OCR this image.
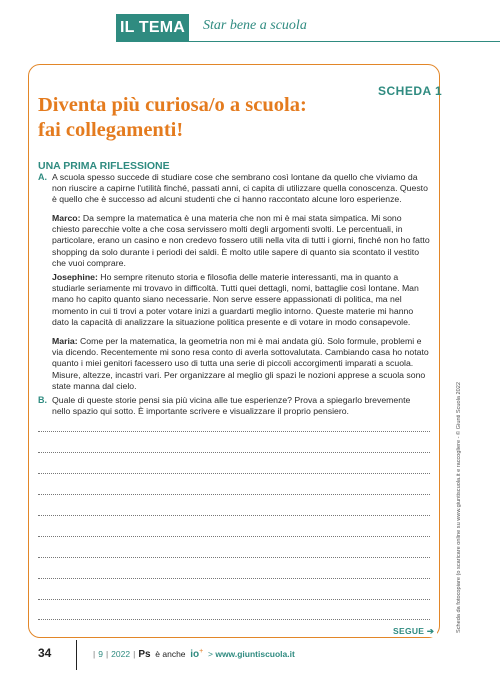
IL TEMA Star bene a scuola
SCHEDA 1
Diventa più curiosa/o a scuola:
fai collegamenti!
UNA PRIMA RIFLESSIONE
A. A scuola spesso succede di studiare cose che sembrano così lontane da quello che viviamo da non riuscire a capirne l'utilità finché, passati anni, ci capita di utilizzare quella conoscenza. Questo è quello che è successo ad alcuni studenti che ci hanno raccontato alcune loro esperienze.
Marco: Da sempre la matematica è una materia che non mi è mai stata simpatica. Mi sono chiesto parecchie volte a che cosa servissero molti degli argomenti svolti. Le percentuali, in particolare, erano un casino e non credevo fossero utili nella vita di tutti i giorni, finché non ho fatto shopping da solo durante i periodi dei saldi. È molto utile sapere di quanto sia scontato il vestito che vuoi comprare.
Josephine: Ho sempre ritenuto storia e filosofia delle materie interessanti, ma in quanto a studiarle seriamente mi trovavo in difficoltà. Tutti quei dettagli, nomi, battaglie così lontane. Man mano ho capito quanto siano necessarie. Non serve essere appassionati di politica, ma nel momento in cui ti trovi a poter votare inizi a guardarti meglio intorno. Queste materie mi hanno dato la capacità di analizzare la situazione politica presente e di votare in modo consapevole.
Maria: Come per la matematica, la geometria non mi è mai andata giù. Solo formule, problemi e via dicendo. Recentemente mi sono resa conto di averla sottovalutata. Cambiando casa ho notato quanto i miei genitori facessero uso di tutta una serie di piccoli accorgimenti imparati a scuola. Misure, altezze, incastri vari. Per organizzare al meglio gli spazi le nozioni apprese a scuola sono state manna dal cielo.
B. Quale di queste storie pensi sia più vicina alle tue esperienze? Prova a spiegarlo brevemente nello spazio qui sotto. È importante scrivere e visualizzare il proprio pensiero.
SEGUE ➔	Scheda da fotocopiare (o scaricare online su www.giuntiscuola.it e raccogliere - © Giunti Scuola 2022
34	| 9 | 2022 | Ps è anche io+ > www.giuntiscuola.it
